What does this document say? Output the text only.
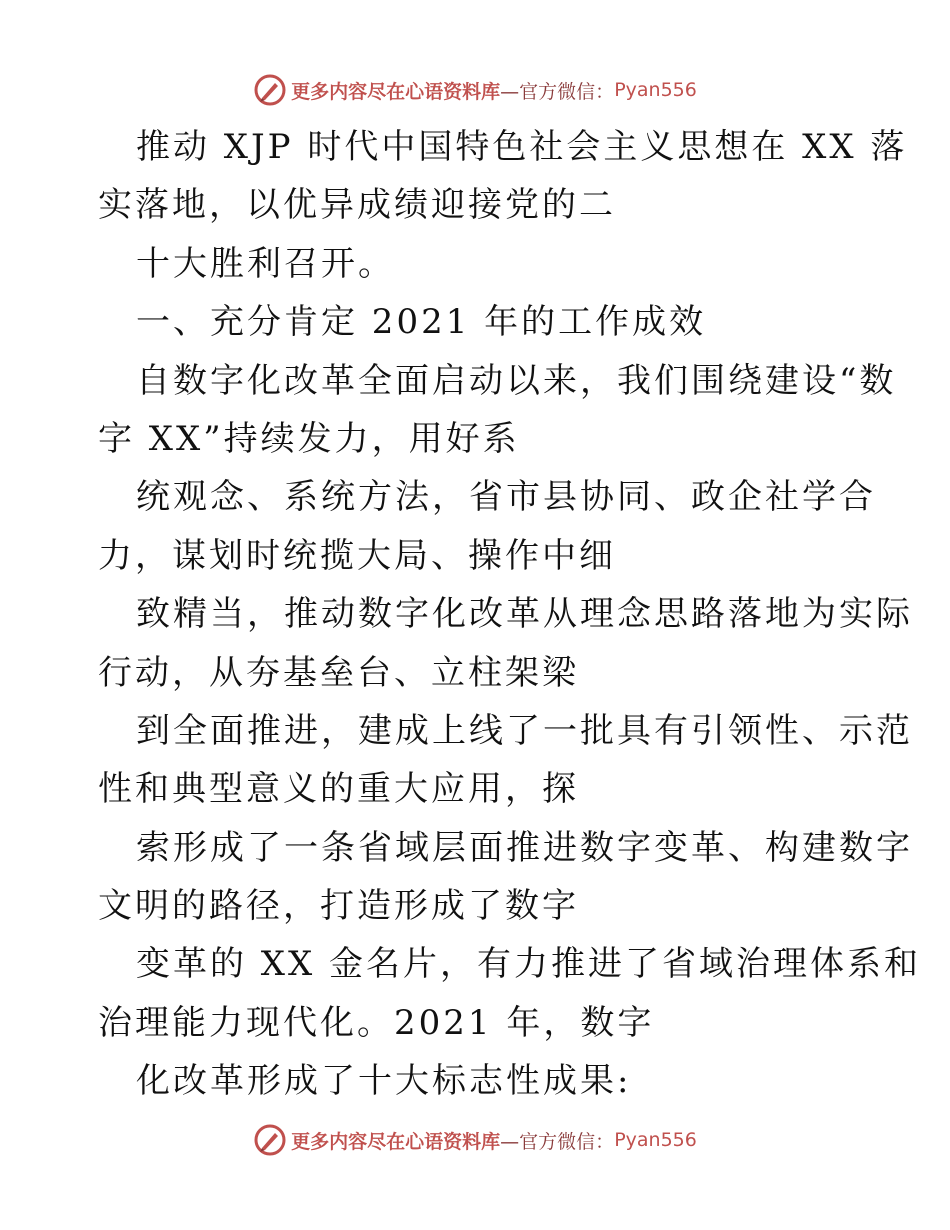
更多内容尽在心语资料库 —官方微信： Pyan556
推动 XJP 时代中国特色社会主义思想在 XX 落
实落地，以优异成绩迎接党的二
十大胜利召开。
一、充分肯定 2021 年的工作成效
自数字化改革全面启动以来，我们围绕建设“数
字 XX”持续发力，用好系
统观念、系统方法，省市县协同、政企社学合
力，谋划时统揽大局、操作中细
致精当，推动数字化改革从理念思路落地为实际
行动，从夯基垒台、立柱架梁
到全面推进，建成上线了一批具有引领性、示范
性和典型意义的重大应用，探
索形成了一条省域层面推进数字变革、构建数字
文明的路径，打造形成了数字
变革的 XX 金名片，有力推进了省域治理体系和
治理能力现代化。2021 年，数字
化改革形成了十大标志性成果:
更多内容尽在心语资料库 —官方微信： Pyan556
